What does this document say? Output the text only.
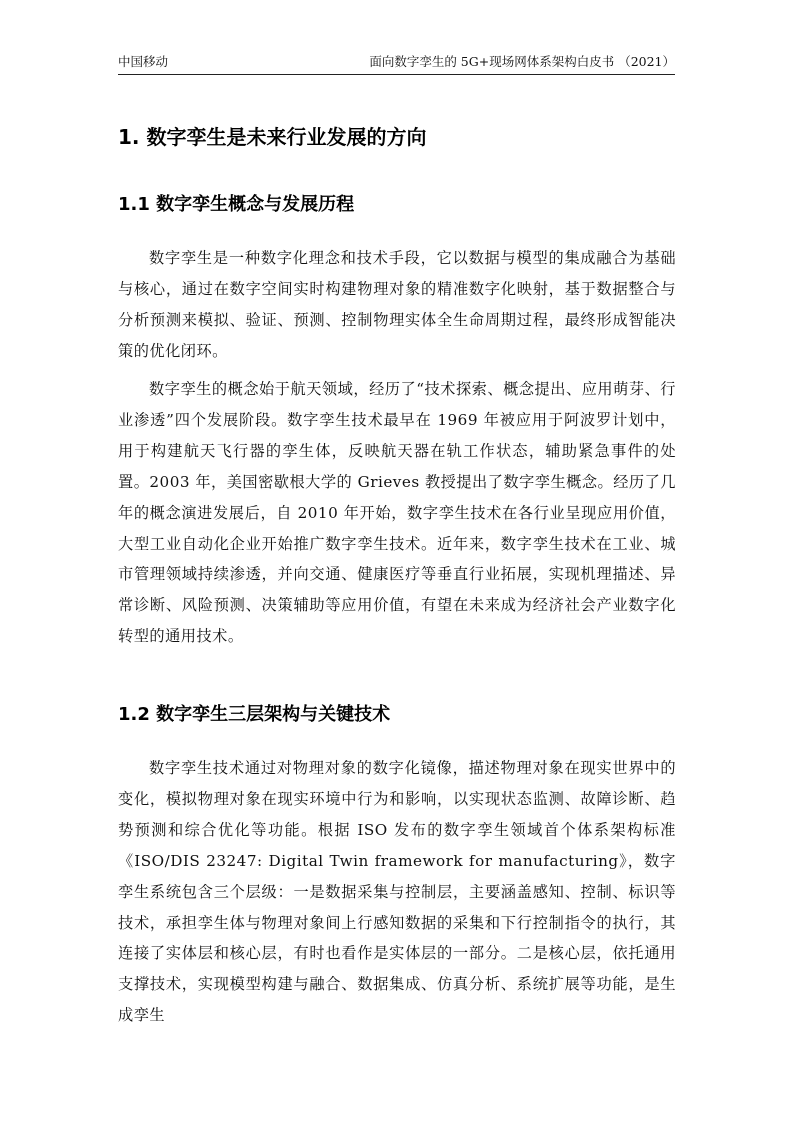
中国移动	面向数字孪生的 5G+现场网体系架构白皮书 （2021）
1. 数字孪生是未来行业发展的方向
1.1 数字孪生概念与发展历程

数字孪生是一种数字化理念和技术手段，它以数据与模型的集成融合为基础与核心，通过在数字空间实时构建物理对象的精准数字化映射，基于数据整合与分析预测来模拟、验证、预测、控制物理实体全生命周期过程，最终形成智能决策的优化闭环。

数字孪生的概念始于航天领域，经历了“技术探索、概念提出、应用萌芽、行业渗透”四个发展阶段。数字孪生技术最早在 1969 年被应用于阿波罗计划中，用于构建航天飞行器的孪生体，反映航天器在轨工作状态，辅助紧急事件的处置。2003 年，美国密歇根大学的 Grieves 教授提出了数字孪生概念。经历了几年的概念演进发展后，自 2010 年开始，数字孪生技术在各行业呈现应用价值，大型工业自动化企业开始推广数字孪生技术。近年来，数字孪生技术在工业、城市管理领域持续渗透，并向交通、健康医疗等垂直行业拓展，实现机理描述、异常诊断、风险预测、决策辅助等应用价值，有望在未来成为经济社会产业数字化转型的通用技术。

1.2 数字孪生三层架构与关键技术

数字孪生技术通过对物理对象的数字化镜像，描述物理对象在现实世界中的变化，模拟物理对象在现实环境中行为和影响，以实现状态监测、故障诊断、趋势预测和综合优化等功能。根据 ISO 发布的数字孪生领域首个体系架构标准《ISO/DIS 23247: Digital Twin framework for manufacturing》，数字孪生系统包含三个层级：一是数据采集与控制层，主要涵盖感知、控制、标识等技术，承担孪生体与物理对象间上行感知数据的采集和下行控制指令的执行，其连接了实体层和核心层，有时也看作是实体层的一部分。二是核心层，依托通用支撑技术，实现模型构建与融合、数据集成、仿真分析、系统扩展等功能，是生成孪生
